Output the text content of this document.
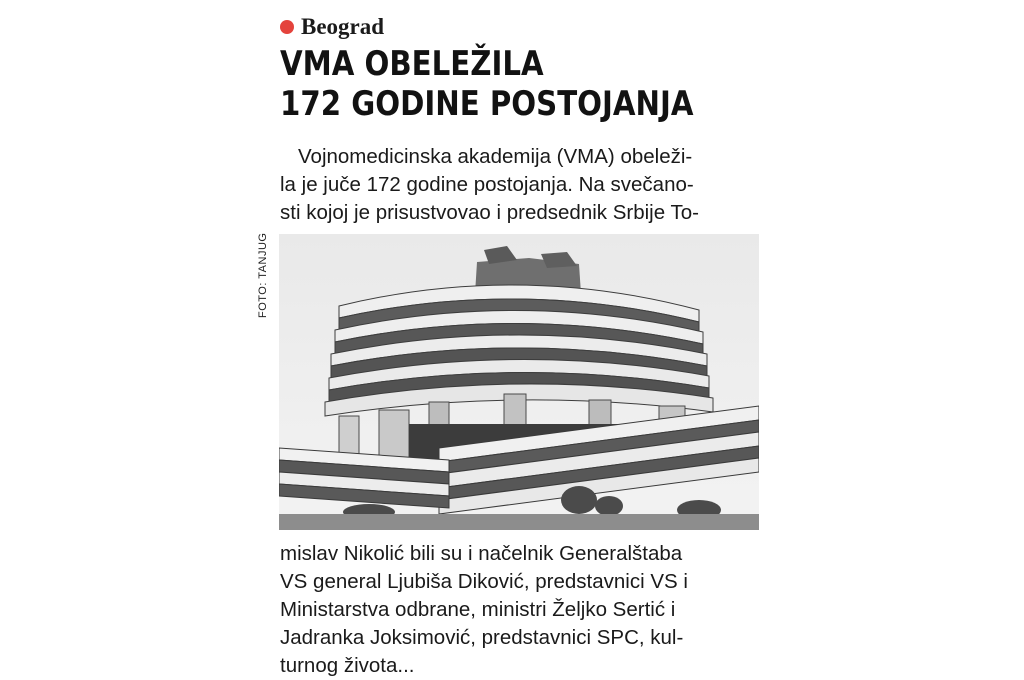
Beograd
VMA OBELEŽILA
172 GODINE POSTOJANJA
Vojnomedicinska akademija (VMA) obeleži-
la je juče 172 godine postojanja. Na svečano-
sti kojoj je prisustvovao i predsednik Srbije To-
FOTO: TANJUG
mislav Nikolić bili su i načelnik Generalštaba
VS general Ljubiša Diković, predstavnici VS i
Ministarstva odbrane, ministri Željko Sertić i
Jadranka Joksimović, predstavnici SPC, kul-
turnog života...
